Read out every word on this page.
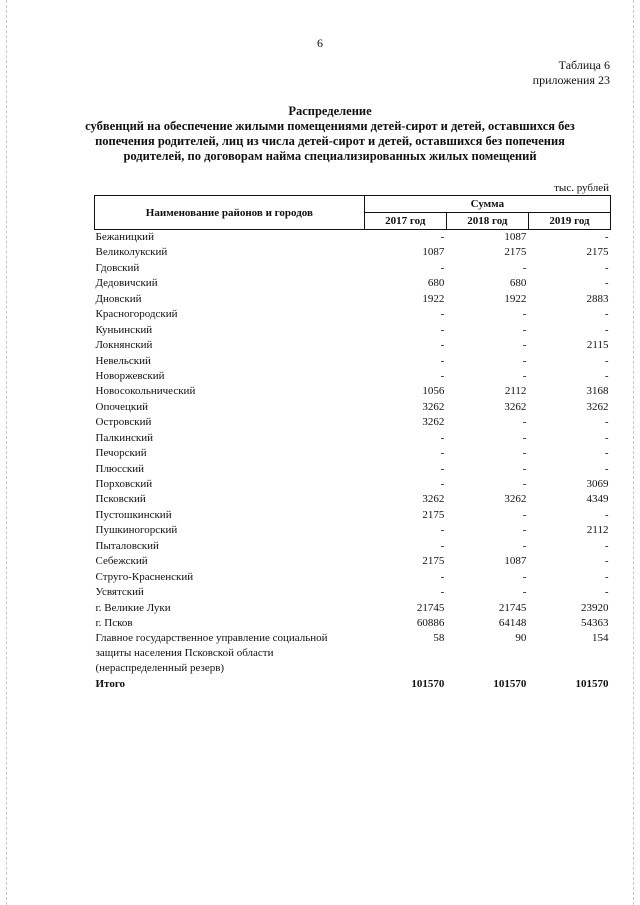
6
Таблица 6
приложения 23
Распределение
субвенций на обеспечение жилыми помещениями детей-сирот и детей, оставшихся без
попечения родителей, лиц из числа детей-сирот и детей, оставшихся без попечения
родителей, по договорам найма специализированных жилых помещений
тыс. рублей
Наименование районов и городов	Сумма		
	2017 год	2018 год	2019 год
Бежаницкий	-	1087	-
Великолукский	1087	2175	2175
Гдовский	-	-	-
Дедовичский	680	680	-
Дновский	1922	1922	2883
Красногородский	-	-	-
Куньинский	-	-	-
Локнянский	-	-	2115
Невельский	-	-	-
Новоржевский	-	-	-
Новосокольнический	1056	2112	3168
Опочецкий	3262	3262	3262
Островский	3262	-	-
Палкинский	-	-	-
Печорский	-	-	-
Плюсский	-	-	-
Порховский	-	-	3069
Псковский	3262	3262	4349
Пустошкинский	2175	-	-
Пушкиногорский	-	-	2112
Пыталовский	-	-	-
Себежский	2175	1087	-
Струго-Красненский	-	-	-
Усвятский	-	-	-
г. Великие Луки	21745	21745	23920
г. Псков	60886	64148	54363
Главное государственное управление социальной защиты населения Псковской области (нераспределенный резерв)	58	90	154
Итого	101570	101570	101570
